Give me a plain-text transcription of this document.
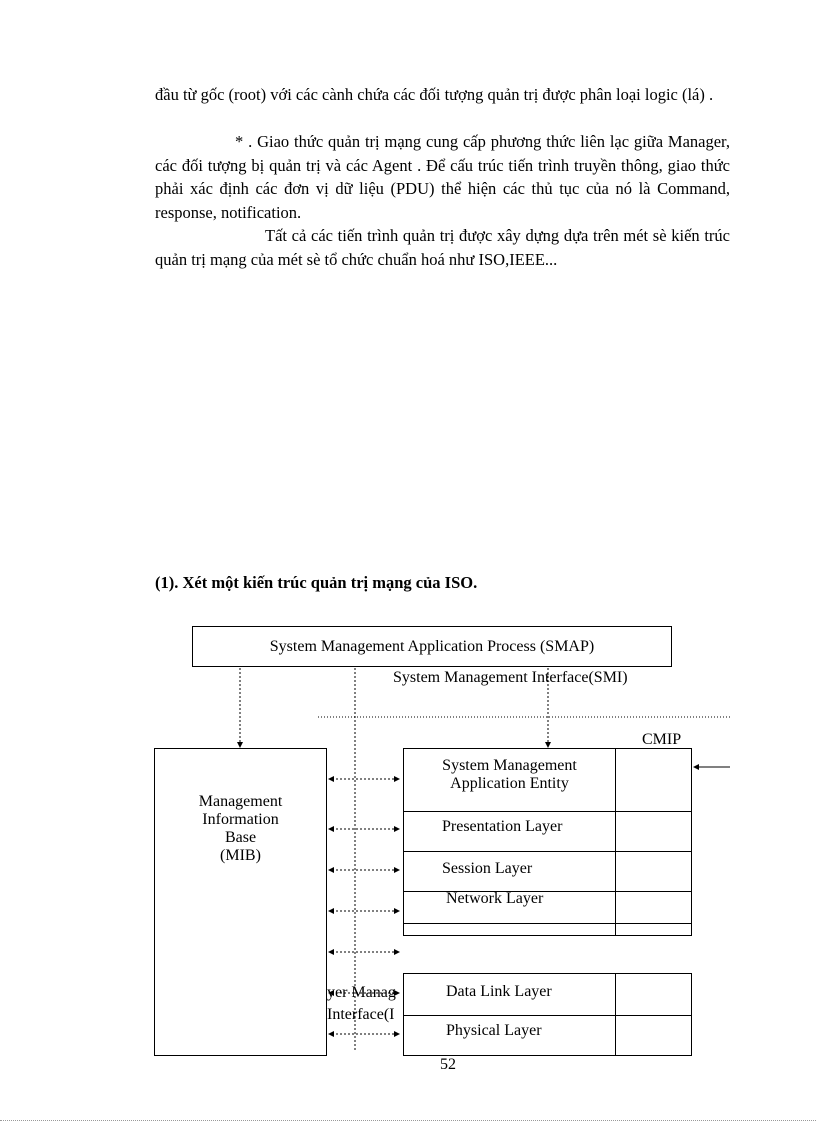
đầu từ gốc (root) với các cành chứa các đối tượng quản trị được phân loại logic (lá) .

* . Giao thức quản trị mạng cung cấp phương thức liên lạc giữa Manager, các đối tượng bị quản trị và các Agent . Để cấu trúc tiến trình truyền thông, giao thức phải xác định các đơn vị dữ liệu (PDU) thể hiện các thủ tục của nó là Command, response, notification.

Tất cả các tiến trình quản trị được xây dựng dựa trên mét sè kiến trúc quản trị mạng của mét sè tổ chức chuẩn hoá như ISO,IEEE...

(1). Xét một kiến trúc quản trị mạng của ISO.

System Management Application Process (SMAP)
System Management Interface(SMI)
CMIP
Management
Information
Base
(MIB)
System Management
Application Entity
Presentation Layer
Session Layer
Network Layer
Data Link Layer
Physical Layer
yer Manag
Interface(I
52
